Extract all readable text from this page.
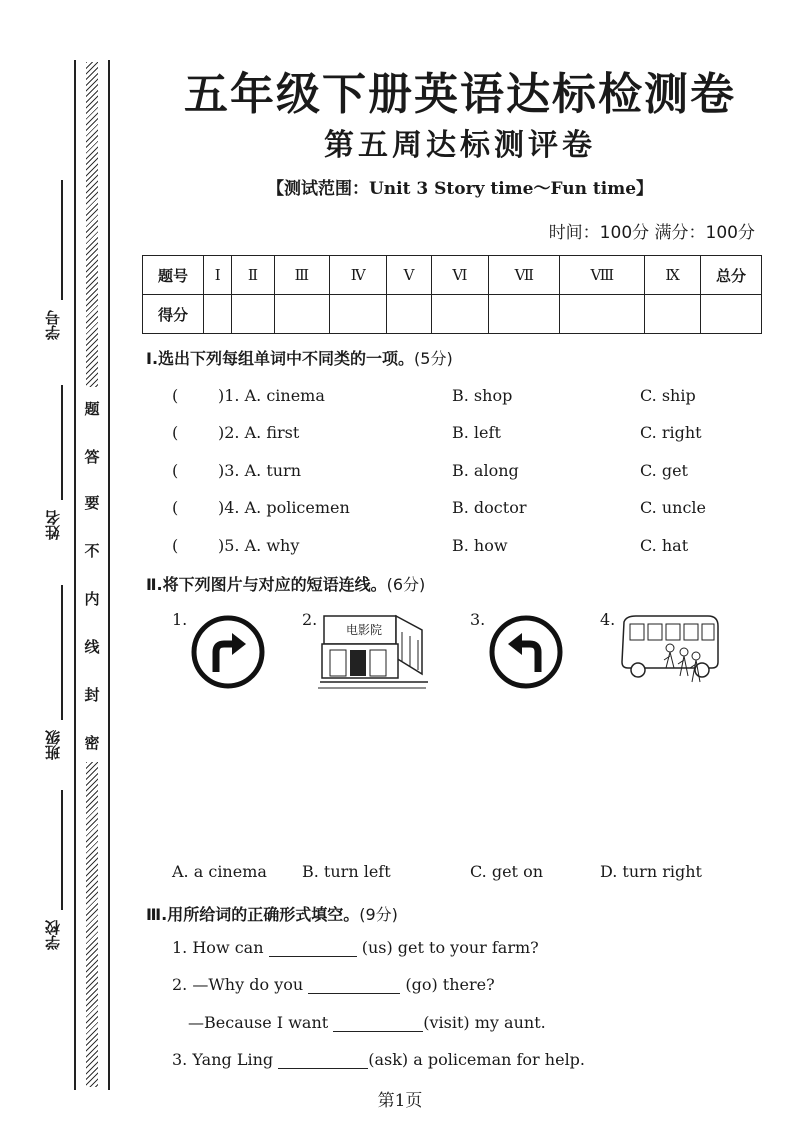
学号
姓名
班级
学校
题
答
要
不
内
线
封
密
五年级下册英语达标检测卷
第五周达标测评卷
【测试范围：Unit 3 Story time～Fun time】
时间：100分 满分：100分
题号	Ⅰ	Ⅱ	Ⅲ	Ⅳ	Ⅴ	Ⅵ	Ⅶ	Ⅷ	Ⅸ	总分
得分										
Ⅰ.选出下列每组单词中不同类的一项。(5分)
( )1. A. cinema	B. shop	C. ship
( )2. A. first	B. left	C. right
( )3. A. turn	B. along	C. get
( )4. A. policemen	B. doctor	C. uncle
( )5. A. why	B. how	C. hat
Ⅱ.将下列图片与对应的短语连线。(6分)
1.	2.
电影院
3.	4.
A. a cinema B. turn left	C. get on	D. turn right
Ⅲ.用所给词的正确形式填空。(9分)
1. How can	(us) get to your farm?
2. —Why do you	(go) there?
—Because I want	(visit) my aunt.
3. Yang Ling	(ask) a policeman for help.
第1页
